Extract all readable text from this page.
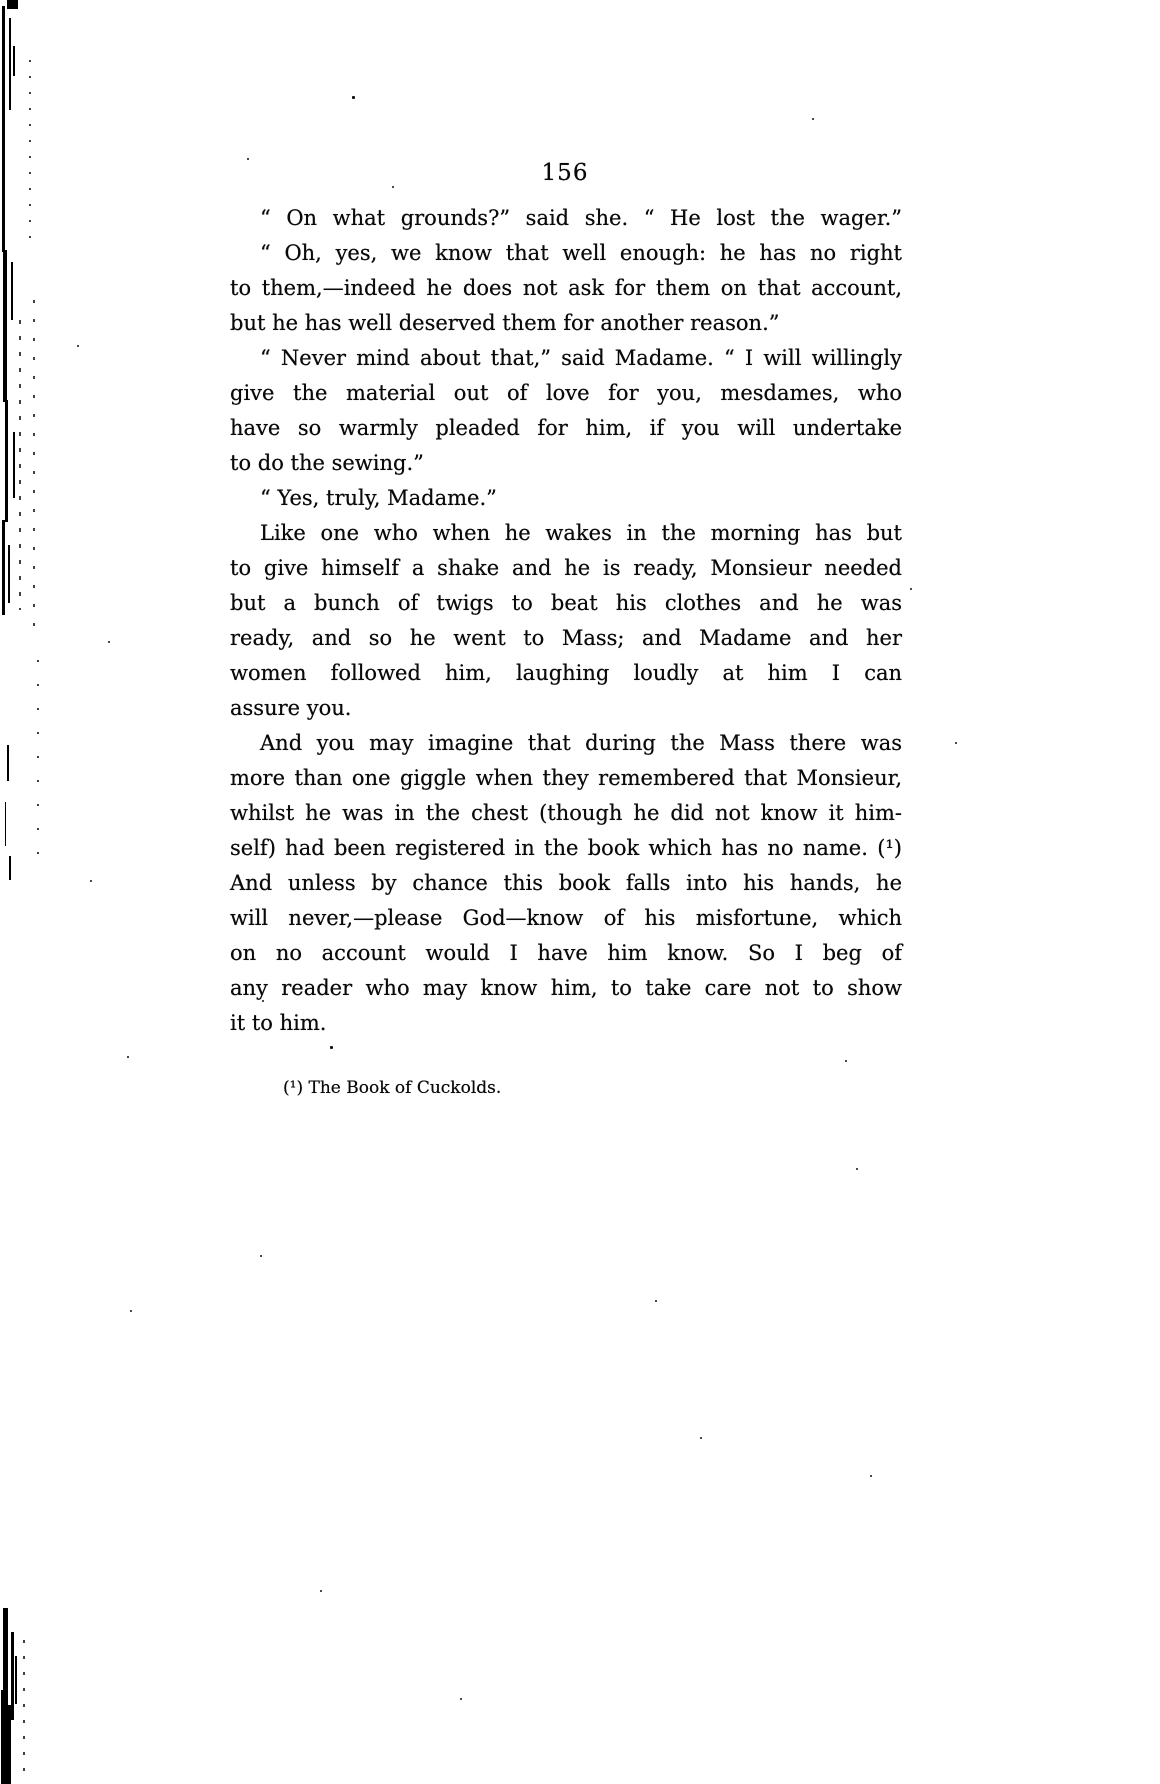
156

“ On what grounds?” said she. “ He lost the wager.”

“ Oh, yes, we know that well enough: he has no right
to them,—indeed he does not ask for them on that account,
but he has well deserved them for another reason.”

“ Never mind about that,” said Madame. “ I will willingly
give the material out of love for you, mesdames, who
have so warmly pleaded for him, if you will undertake
to do the sewing.”

“ Yes, truly, Madame.”

Like one who when he wakes in the morning has but
to give himself a shake and he is ready, Monsieur needed
but a bunch of twigs to beat his clothes and he was
ready, and so he went to Mass; and Madame and her
women followed him, laughing loudly at him I can
assure you.

And you may imagine that during the Mass there was
more than one giggle when they remembered that Monsieur,
whilst he was in the chest (though he did not know it him-
self) had been registered in the book which has no name. (¹)
And unless by chance this book falls into his hands, he
will never,—please God—know of his misfortune, which
on no account would I have him know. So I beg of
any reader who may know him, to take care not to show
it to him.

(¹) The Book of Cuckolds.
